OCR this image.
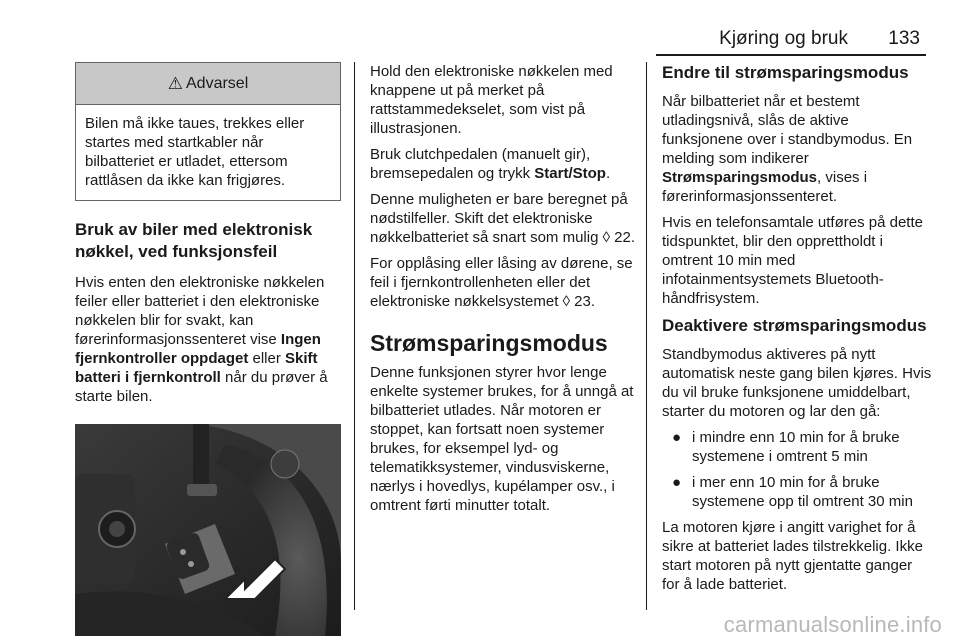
Kjøring og bruk 133
⚠ Advarsel
Bilen må ikke taues, trekkes eller startes med startkabler når bilbatteriet er utladet, ettersom rattlåsen da ikke kan frigjøres.
Bruk av biler med elektronisk nøkkel, ved funksjonsfeil

Hvis enten den elektroniske nøkkelen feiler eller batteriet i den elektroniske nøkkelen blir for svakt, kan førerinformasjonssenteret vise Ingen fjernkontroller oppdaget eller Skift batteri i fjernkontroll når du prøver å starte bilen.

Hold den elektroniske nøkkelen med knappene ut på merket på rattstammedekselet, som vist på illustrasjonen.

Bruk clutchpedalen (manuelt gir), bremsepedalen og trykk Start/Stop.

Denne muligheten er bare beregnet på nødstilfeller. Skift det elektroniske nøkkelbatteriet så snart som mulig ◊ 22.

For opplåsing eller låsing av dørene, se feil i fjernkontrollenheten eller det elektroniske nøkkelsystemet ◊ 23.

Strømsparingsmodus

Denne funksjonen styrer hvor lenge enkelte systemer brukes, for å unngå at bilbatteriet utlades. Når motoren er stoppet, kan fortsatt noen systemer brukes, for eksempel lyd- og telematikksystemer, vindusviskerne, nærlys i hovedlys, kupélamper osv., i omtrent førti minutter totalt.

Endre til strømsparingsmodus

Når bilbatteriet når et bestemt utladingsnivå, slås de aktive funksjonene over i standbymodus. En melding som indikerer Strømsparingsmodus, vises i førerinformasjonssenteret.

Hvis en telefonsamtale utføres på dette tidspunktet, blir den opprettholdt i omtrent 10 min med infotainmentsystemets Bluetooth-håndfrisystem.

Deaktivere strømsparingsmodus

Standbymodus aktiveres på nytt automatisk neste gang bilen kjøres. Hvis du vil bruke funksjonene umiddelbart, starter du motoren og lar den gå:

● i mindre enn 10 min for å bruke systemene i omtrent 5 min
● i mer enn 10 min for å bruke systemene opp til omtrent 30 min

La motoren kjøre i angitt varighet for å sikre at batteriet lades tilstrekkelig. Ikke start motoren på nytt gjentatte ganger for å lade batteriet.

carmanualsonline.info
